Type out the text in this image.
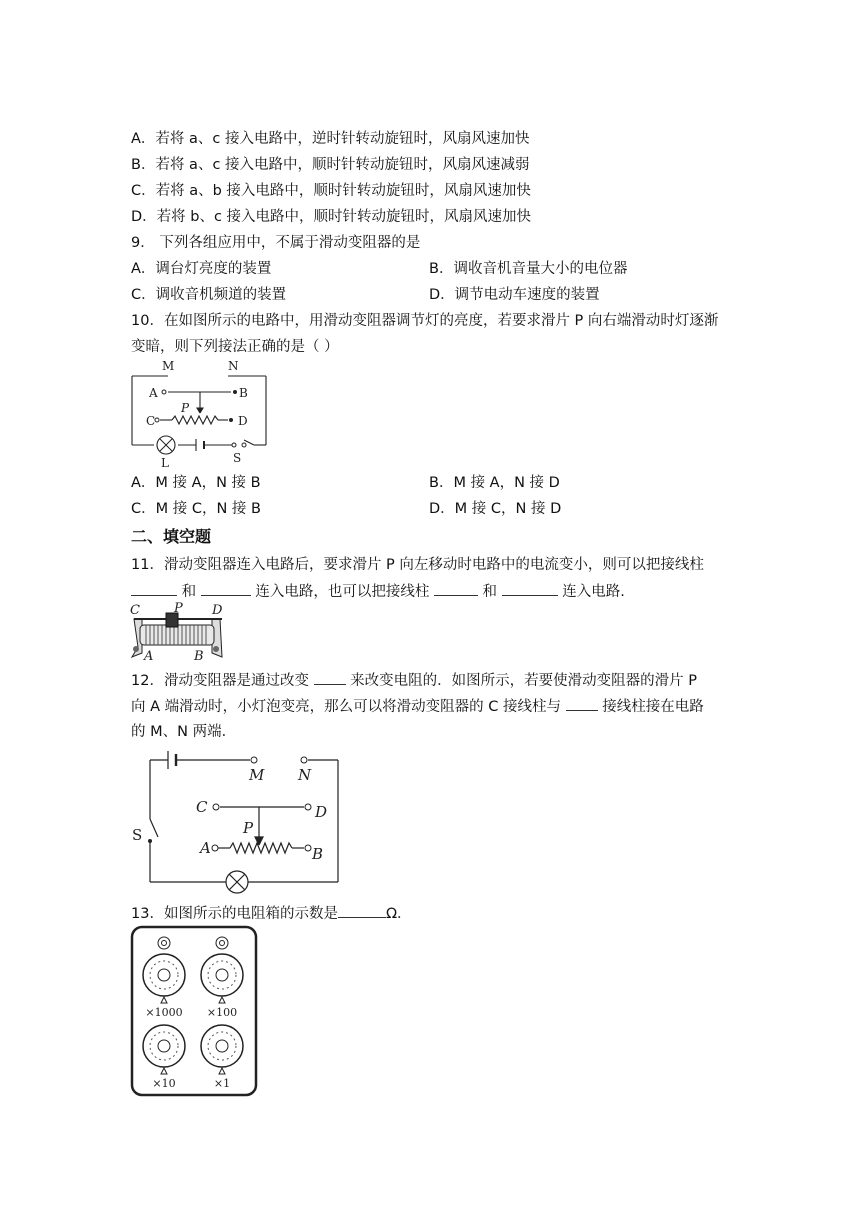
A．若将 a、c 接入电路中，逆时针转动旋钮时，风扇风速加快
B．若将 a、c 接入电路中，顺时针转动旋钮时，风扇风速减弱
C．若将 a、b 接入电路中，顺时针转动旋钮时，风扇风速加快
D．若将 b、c 接入电路中，顺时针转动旋钮时，风扇风速加快
9． 下列各组应用中，不属于滑动变阻器的是
A．调台灯亮度的装置	B．调收音机音量大小的电位器
C．调收音机频道的装置	D．调节电动车速度的装置
10．在如图所示的电路中，用滑动变阻器调节灯的亮度，若要求滑片 P 向右端滑动时灯逐渐
变暗，则下列接法正确的是（ ）
M	N
A	B
P
C	D
L	S
A．M 接 A，N 接 B	B．M 接 A，N 接 D
C．M 接 C，N 接 B	D．M 接 C，N 接 D
二、填空题
11．滑动变阻器连入电路后，要求滑片 P 向左移动时电路中的电流变小，则可以把接线柱
和	连入电路，也可以把接线柱	和	连入电路.
C	P D
A	B
12．滑动变阻器是通过改变	来改变电阻的．如图所示，若要使滑动变阻器的滑片 P
向 A 端滑动时，小灯泡变亮，那么可以将滑动变阻器的 C 接线柱与	接线柱接在电路
的 M、N 两端．
M N
C	D
P
A	B
S
13．如图所示的电阻箱的示数是	Ω．
×1000 ×100
×10	×1
